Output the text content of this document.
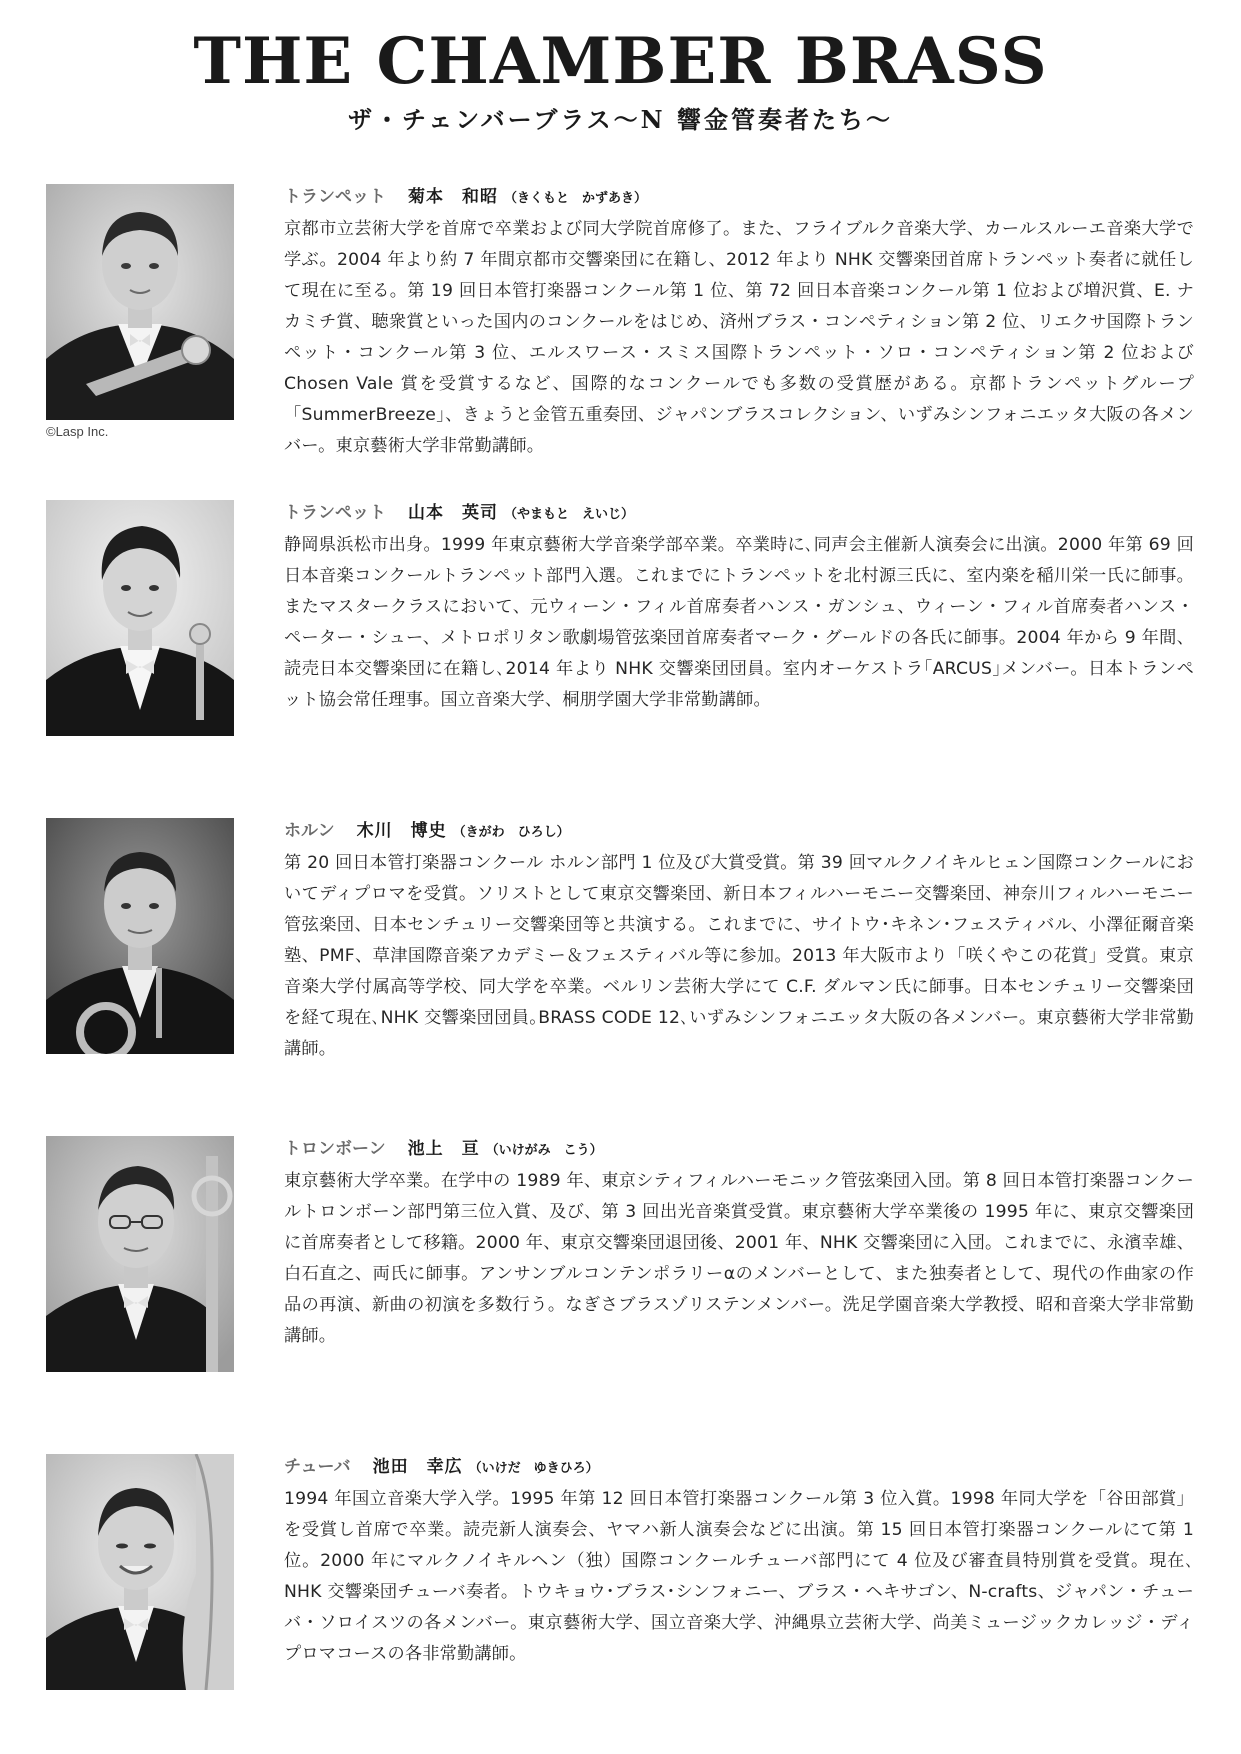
THE CHAMBER BRASS
ザ・チェンバーブラス〜N 響金管奏者たち〜
©Lasp Inc.
トランペット 菊本　和昭 （きくもと　かずあき）

京都市立芸術大学を首席で卒業および同大学院首席修了。また、フライブルク音楽大学、カールスルーエ音楽大学で学ぶ。2004 年より約 7 年間京都市交響楽団に在籍し、2012 年より NHK 交響楽団首席トランペット奏者に就任して現在に至る。第 19 回日本管打楽器コンクール第 1 位、第 72 回日本音楽コンクール第 1 位および増沢賞、E. ナカミチ賞、聴衆賞といった国内のコンクールをはじめ、済州ブラス・コンペティション第 2 位、リエクサ国際トランペット・コンクール第 3 位、エルスワース・スミス国際トランペット・ソロ・コンペティション第 2 位および Chosen Vale 賞を受賞するなど、国際的なコンクールでも多数の受賞歴がある。京都トランペットグループ「SummerBreeze」、きょうと金管五重奏団、ジャパンブラスコレクション、いずみシンフォニエッタ大阪の各メンバー。東京藝術大学非常勤講師。

トランペット 山本　英司 （やまもと　えいじ）

静岡県浜松市出身。1999 年東京藝術大学音楽学部卒業。卒業時に､同声会主催新人演奏会に出演。2000 年第 69 回日本音楽コンクールトランペット部門入選。これまでにトランペットを北村源三氏に、室内楽を稲川栄一氏に師事。またマスタークラスにおいて、元ウィーン・フィル首席奏者ハンス・ガンシュ、ウィーン・フィル首席奏者ハンス・ペーター・シュー、メトロポリタン歌劇場管弦楽団首席奏者マーク・グールドの各氏に師事。2004 年から 9 年間、読売日本交響楽団に在籍し､2014 年より NHK 交響楽団団員。室内オーケストラ｢ARCUS｣メンバー。日本トランペット協会常任理事。国立音楽大学、桐朋学園大学非常勤講師。

ホルン 木川　博史 （きがわ　ひろし）

第 20 回日本管打楽器コンクール ホルン部門 1 位及び大賞受賞。第 39 回マルクノイキルヒェン国際コンクールにおいてディプロマを受賞。ソリストとして東京交響楽団、新日本フィルハーモニー交響楽団、神奈川フィルハーモニー管弦楽団、日本センチュリー交響楽団等と共演する。これまでに、サイトウ･キネン･フェスティバル、小澤征爾音楽塾、PMF、草津国際音楽アカデミー＆フェスティバル等に参加。2013 年大阪市より「咲くやこの花賞」受賞。東京音楽大学付属高等学校、同大学を卒業。ベルリン芸術大学にて C.F. ダルマン氏に師事。日本センチュリー交響楽団を経て現在､NHK 交響楽団団員｡BRASS CODE 12､いずみシンフォニエッタ大阪の各メンバー。東京藝術大学非常勤講師。

トロンボーン 池上　亘 （いけがみ　こう）

東京藝術大学卒業。在学中の 1989 年、東京シティフィルハーモニック管弦楽団入団。第 8 回日本管打楽器コンクールトロンボーン部門第三位入賞、及び、第 3 回出光音楽賞受賞。東京藝術大学卒業後の 1995 年に、東京交響楽団に首席奏者として移籍。2000 年、東京交響楽団退団後、2001 年、NHK 交響楽団に入団。これまでに、永濱幸雄、白石直之、両氏に師事。アンサンブルコンテンポラリーαのメンバーとして、また独奏者として、現代の作曲家の作品の再演、新曲の初演を多数行う。なぎさブラスゾリステンメンバー。洗足学園音楽大学教授、昭和音楽大学非常勤講師。

チューバ 池田　幸広 （いけだ　ゆきひろ）

1994 年国立音楽大学入学。1995 年第 12 回日本管打楽器コンクール第 3 位入賞。1998 年同大学を「谷田部賞」を受賞し首席で卒業。読売新人演奏会、ヤマハ新人演奏会などに出演。第 15 回日本管打楽器コンクールにて第 1 位。2000 年にマルクノイキルヘン（独）国際コンクールチューバ部門にて 4 位及び審査員特別賞を受賞。現在､NHK 交響楽団チューバ奏者。トウキョウ･ブラス･シンフォニー、ブラス・ヘキサゴン、N-crafts、ジャパン・チューバ・ソロイスツの各メンバー。東京藝術大学、国立音楽大学、沖縄県立芸術大学、尚美ミュージックカレッジ・ディプロマコースの各非常勤講師。
